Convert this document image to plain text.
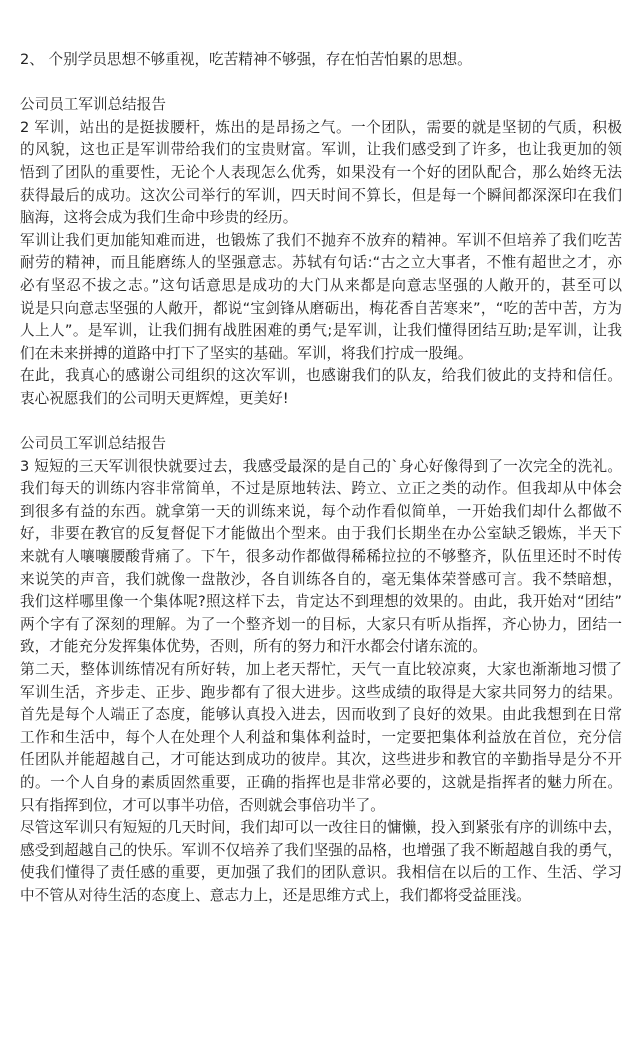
2、 个别学员思想不够重视，吃苦精神不够强，存在怕苦怕累的思想。
公司员工军训总结报告
2 军训，站出的是挺拔腰杆，炼出的是昂扬之气。一个团队，需要的就是坚韧的气质，积极
的风貌，这也正是军训带给我们的宝贵财富。军训，让我们感受到了许多，也让我更加的领
悟到了团队的重要性，无论个人表现怎么优秀，如果没有一个好的团队配合，那么始终无法
获得最后的成功。这次公司举行的军训，四天时间不算长，但是每一个瞬间都深深印在我们
脑海，这将会成为我们生命中珍贵的经历。
军训让我们更加能知难而进，也锻炼了我们不抛弃不放弃的精神。军训不但培养了我们吃苦
耐劳的精神，而且能磨练人的坚强意志。苏轼有句话:“古之立大事者，不惟有超世之才，亦
必有坚忍不拔之志。”这句话意思是成功的大门从来都是向意志坚强的人敞开的，甚至可以
说是只向意志坚强的人敞开，都说“宝剑锋从磨砺出，梅花香自苦寒来”，“吃的苦中苦，方为
人上人”。是军训，让我们拥有战胜困难的勇气;是军训，让我们懂得团结互助;是军训，让我
们在未来拼搏的道路中打下了坚实的基础。军训，将我们拧成一股绳。
在此，我真心的感谢公司组织的这次军训，也感谢我们的队友，给我们彼此的支持和信任。
衷心祝愿我们的公司明天更辉煌，更美好!
公司员工军训总结报告
3 短短的三天军训很快就要过去，我感受最深的是自己的`身心好像得到了一次完全的洗礼。
我们每天的训练内容非常简单，不过是原地转法、跨立、立正之类的动作。但我却从中体会
到很多有益的东西。就拿第一天的训练来说，每个动作看似简单，一开始我们却什么都做不
好，非要在教官的反复督促下才能做出个型来。由于我们长期坐在办公室缺乏锻炼，半天下
来就有人嚷嚷腰酸背痛了。下午，很多动作都做得稀稀拉拉的不够整齐，队伍里还时不时传
来说笑的声音，我们就像一盘散沙，各自训练各自的，毫无集体荣誉感可言。我不禁暗想，
我们这样哪里像一个集体呢?照这样下去，肯定达不到理想的效果的。由此，我开始对“团结”
两个字有了深刻的理解。为了一个整齐划一的目标，大家只有听从指挥，齐心协力，团结一
致，才能充分发挥集体优势，否则，所有的努力和汗水都会付诸东流的。
第二天，整体训练情况有所好转，加上老天帮忙，天气一直比较凉爽，大家也渐渐地习惯了
军训生活，齐步走、正步、跑步都有了很大进步。这些成绩的取得是大家共同努力的结果。
首先是每个人端正了态度，能够认真投入进去，因而收到了良好的效果。由此我想到在日常
工作和生活中，每个人在处理个人利益和集体利益时，一定要把集体利益放在首位，充分信
任团队并能超越自己，才可能达到成功的彼岸。其次，这些进步和教官的辛勤指导是分不开
的。一个人自身的素质固然重要，正确的指挥也是非常必要的，这就是指挥者的魅力所在。
只有指挥到位，才可以事半功倍，否则就会事倍功半了。
尽管这军训只有短短的几天时间，我们却可以一改往日的慵懒，投入到紧张有序的训练中去，
感受到超越自己的快乐。军训不仅培养了我们坚强的品格，也增强了我不断超越自我的勇气，
使我们懂得了责任感的重要，更加强了我们的团队意识。我相信在以后的工作、生活、学习
中不管从对待生活的态度上、意志力上，还是思维方式上，我们都将受益匪浅。
